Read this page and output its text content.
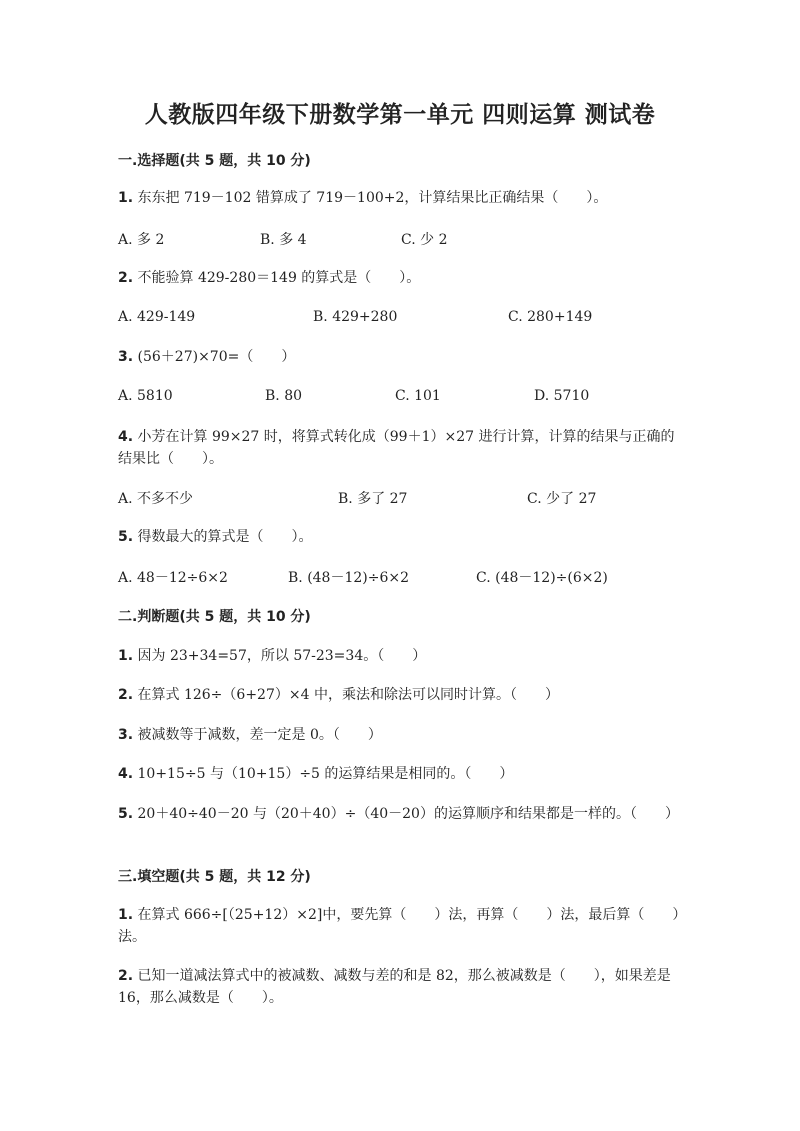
人教版四年级下册数学第一单元 四则运算 测试卷
一.选择题(共 5 题，共 10 分)
1. 东东把 719－102 错算成了 719－100+2，计算结果比正确结果（　　）。
A. 多 2	B. 多 4	C. 少 2
2. 不能验算 429-280＝149 的算式是（　　）。
A. 429-149	B. 429+280	C. 280+149
3. (56＋27)×70=（　　）
A. 5810	B. 80	C. 101	D. 5710
4. 小芳在计算 99×27 时，将算式转化成（99＋1）×27 进行计算，计算的结果与正确的结果比（　　）。
A. 不多不少	B. 多了 27	C. 少了 27
5. 得数最大的算式是（　　）。
A. 48－12÷6×2	B. (48－12)÷6×2	C. (48－12)÷(6×2)
二.判断题(共 5 题，共 10 分)
1. 因为 23+34=57，所以 57-23=34。（　　）
2. 在算式 126÷（6+27）×4 中，乘法和除法可以同时计算。（　　）
3. 被减数等于减数，差一定是 0。（　　）
4. 10+15÷5 与（10+15）÷5 的运算结果是相同的。（　　）
5. 20＋40÷40－20 与（20＋40）÷（40－20）的运算顺序和结果都是一样的。（　　）
三.填空题(共 5 题，共 12 分)
1. 在算式 666÷[（25+12）×2]中，要先算（　　）法，再算（　　）法，最后算（　　）法。
2. 已知一道减法算式中的被减数、减数与差的和是 82，那么被减数是（　　），如果差是 16，那么减数是（　　）。
